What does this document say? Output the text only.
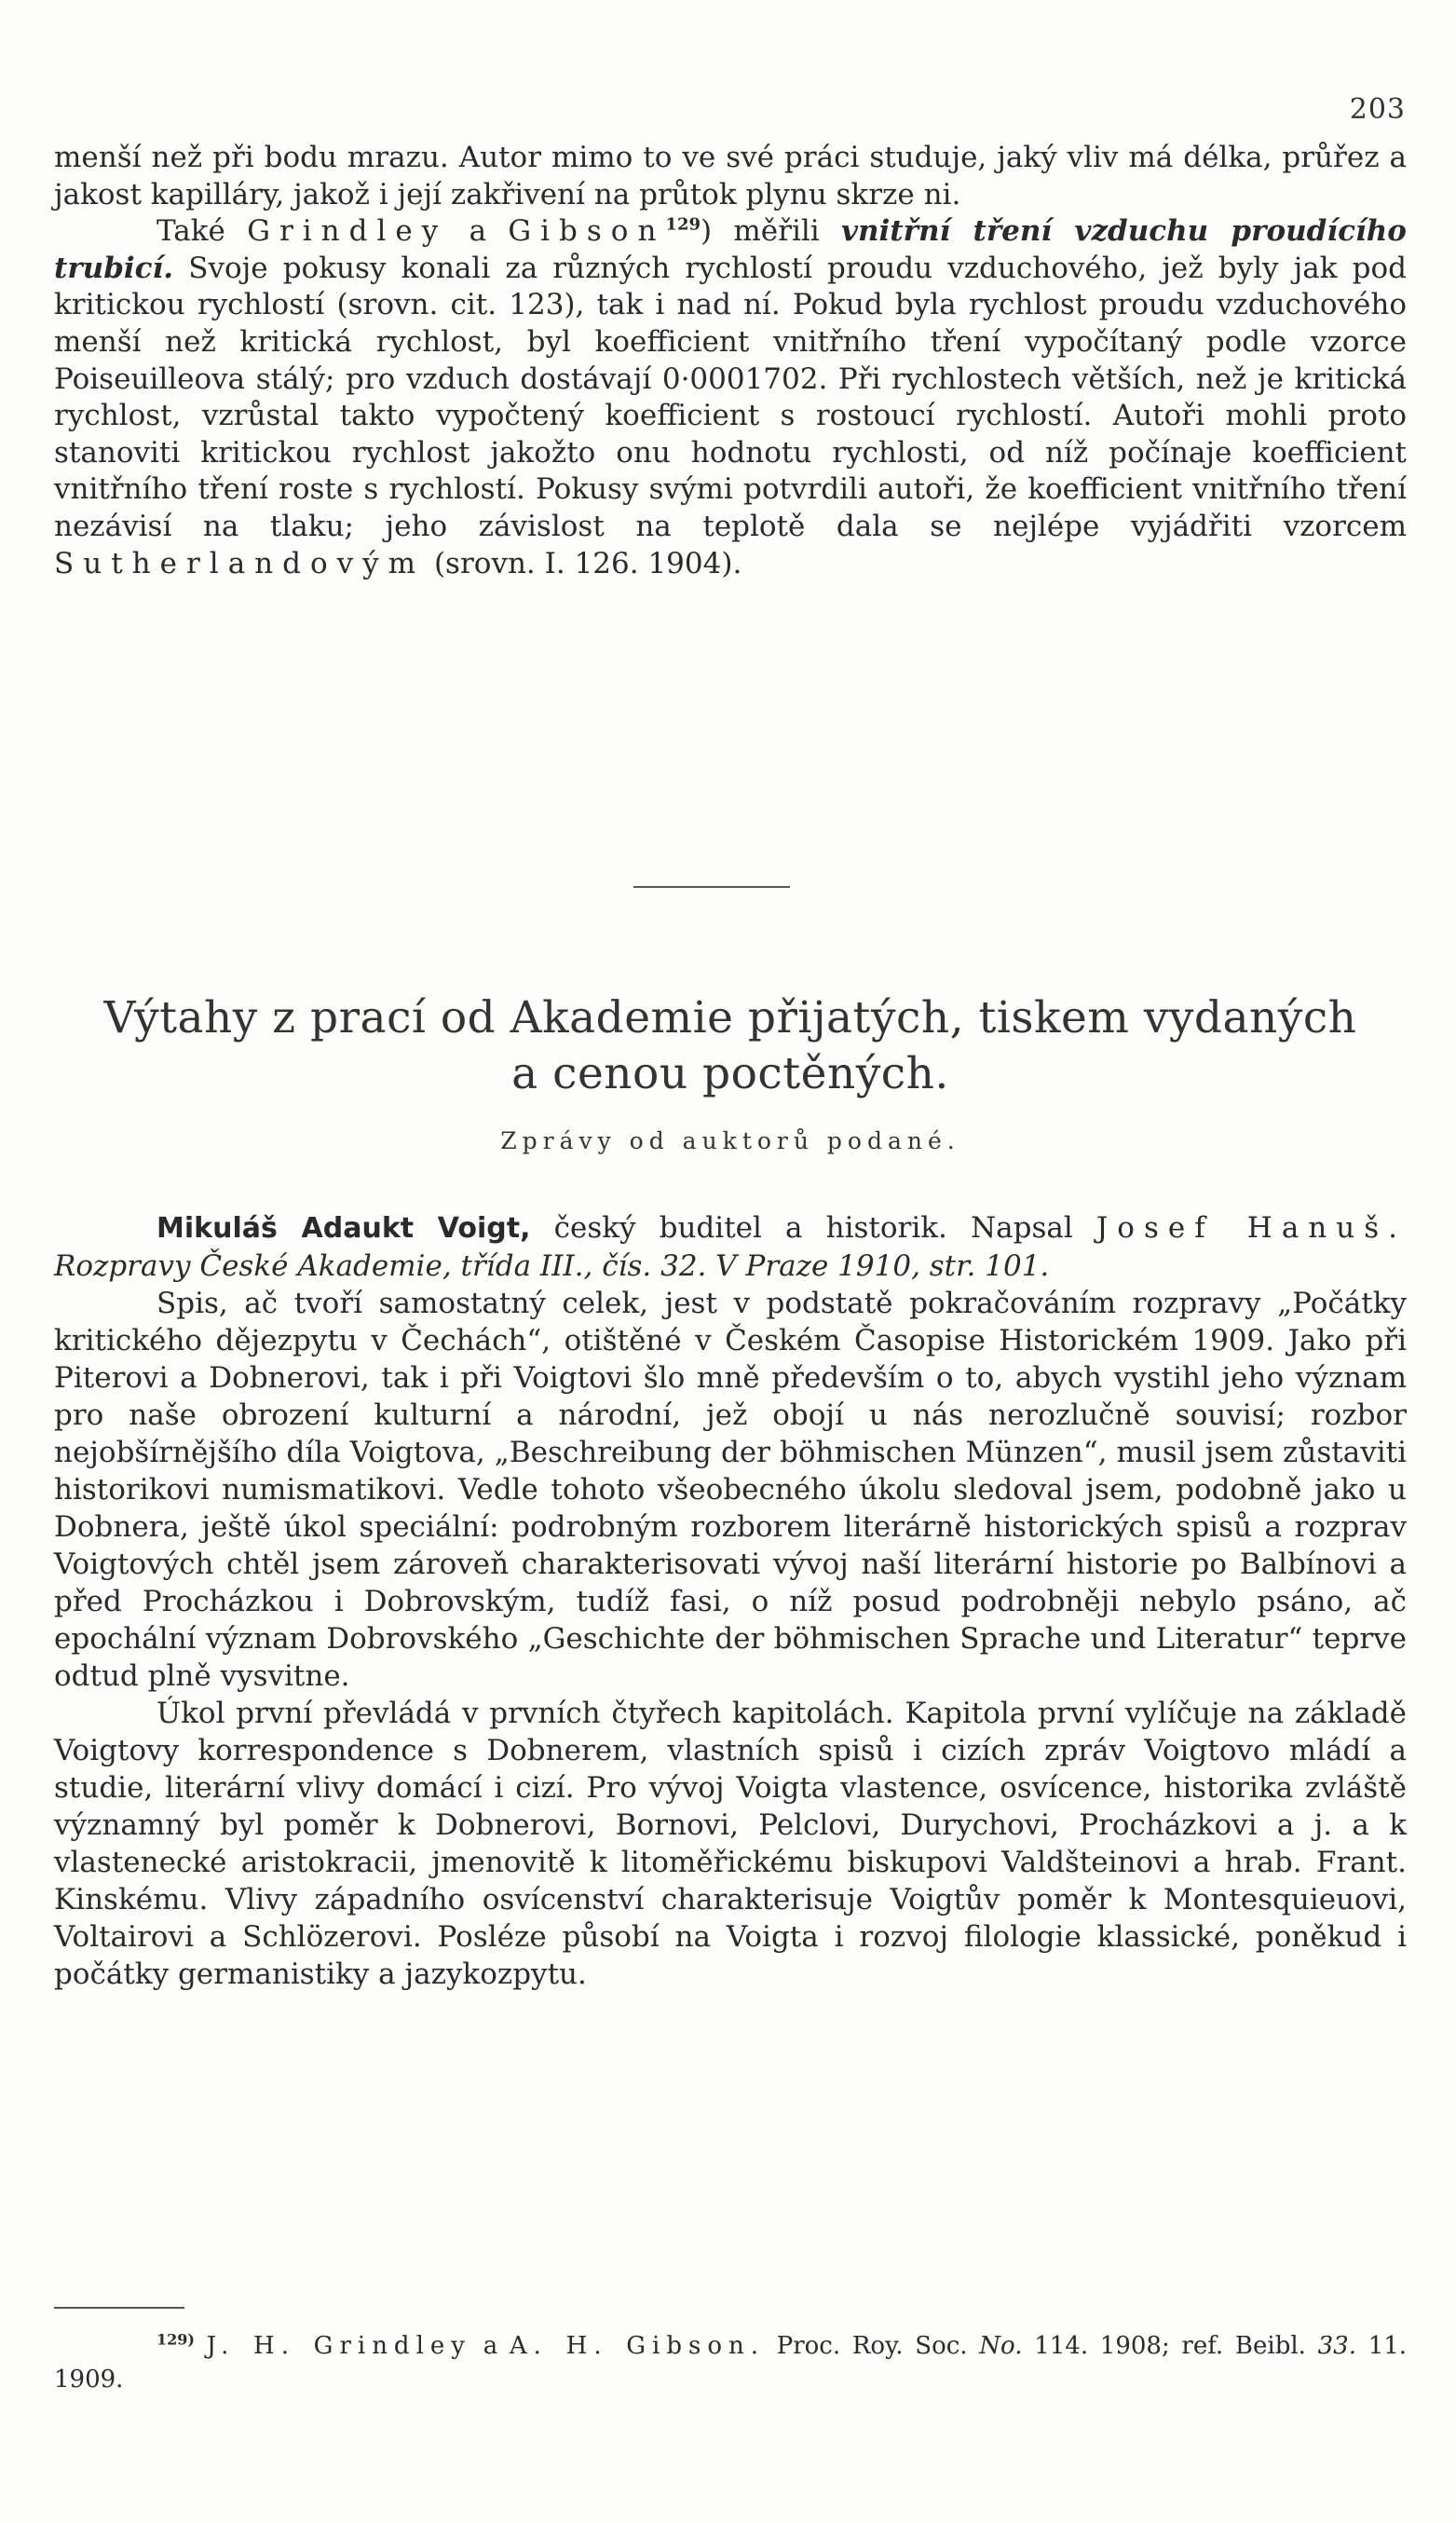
203

menší než při bodu mrazu. Autor mimo to ve své práci studuje, jaký vliv má délka, průřez a jakost kapilláry, jakož i její zakřivení na průtok plynu skrze ni.

Také Grindley a Gibson$^{129}$) měřili vnitřní tření vzduchu proudícího trubicí. Svoje pokusy konali za různých rychlostí proudu vzduchového, jež byly jak pod kritickou rychlostí (srovn. cit. 123), tak i nad ní. Pokud byla rychlost proudu vzduchového menší než kritická rychlost, byl koefficient vnitřního tření vypočítaný podle vzorce Poiseuilleova stálý; pro vzduch dostávají 0·0001702. Při rychlostech větších, než je kritická rychlost, vzrůstal takto vypočtený koefficient s rostoucí rychlostí. Autoři mohli proto stanoviti kritickou rychlost jakožto onu hodnotu rychlosti, od níž počínaje koefficient vnitřního tření roste s rychlostí. Pokusy svými potvrdili autoři, že koefficient vnitřního tření nezávisí na tlaku; jeho závislost na teplotě dala se nejlépe vyjádřiti vzorcem Sutherlandovým (srovn. I. 126. 1904).

Výtahy z prací od Akademie přijatých, tiskem vydaných
a cenou poctěných.
Zprávy od auktorů podané.

Mikuláš Adaukt Voigt, český buditel a historik. Napsal Josef Hanuš. Rozpravy České Akademie, třída III., čís. 32. V Praze 1910, str. 101.

Spis, ač tvoří samostatný celek, jest v podstatě pokračováním rozpravy „Počátky kritického dějezpytu v Čechách“, otištěné v Českém Časopise Historickém 1909. Jako při Piterovi a Dobnerovi, tak i při Voigtovi šlo mně především o to, abych vystihl jeho význam pro naše obrození kulturní a národní, jež obojí u nás nerozlučně souvisí; rozbor nejobšírnějšího díla Voigtova, „Beschreibung der böhmischen Münzen“, musil jsem zůstaviti historikovi numismatikovi. Vedle tohoto všeobecného úkolu sledoval jsem, podobně jako u Dobnera, ještě úkol speciální: podrobným rozborem literárně historických spisů a rozprav Voigtových chtěl jsem zároveň charakterisovati vývoj naší literární historie po Balbínovi a před Procházkou i Dobrovským, tudíž fasi, o níž posud podrobněji nebylo psáno, ač epochální význam Dobrovského „Geschichte der böhmischen Sprache und Literatur“ teprve odtud plně vysvitne.

Úkol první převládá v prvních čtyřech kapitolách. Kapitola první vylíčuje na základě Voigtovy korrespondence s Dobnerem, vlastních spisů i cizích zpráv Voigtovo mládí a studie, literární vlivy domácí i cizí. Pro vývoj Voigta vlastence, osvícence, historika zvláště významný byl poměr k Dobnerovi, Bornovi, Pelclovi, Durychovi, Procházkovi a j. a k vlastenecké aristokracii, jmenovitě k litoměřickému biskupovi Valdšteinovi a hrab. Frant. Kinskému. Vlivy západního osvícenství charakterisuje Voigtův poměr k Montesquieuovi, Voltairovi a Schlözerovi. Posléze působí na Voigta i rozvoj filologie klassické, poněkud i počátky germanistiky a jazykozpytu.

$^{129)}$ J. H. Grindley a A. H. Gibson. Proc. Roy. Soc. No. 114. 1908; ref. Beibl. 33. 11. 1909.
